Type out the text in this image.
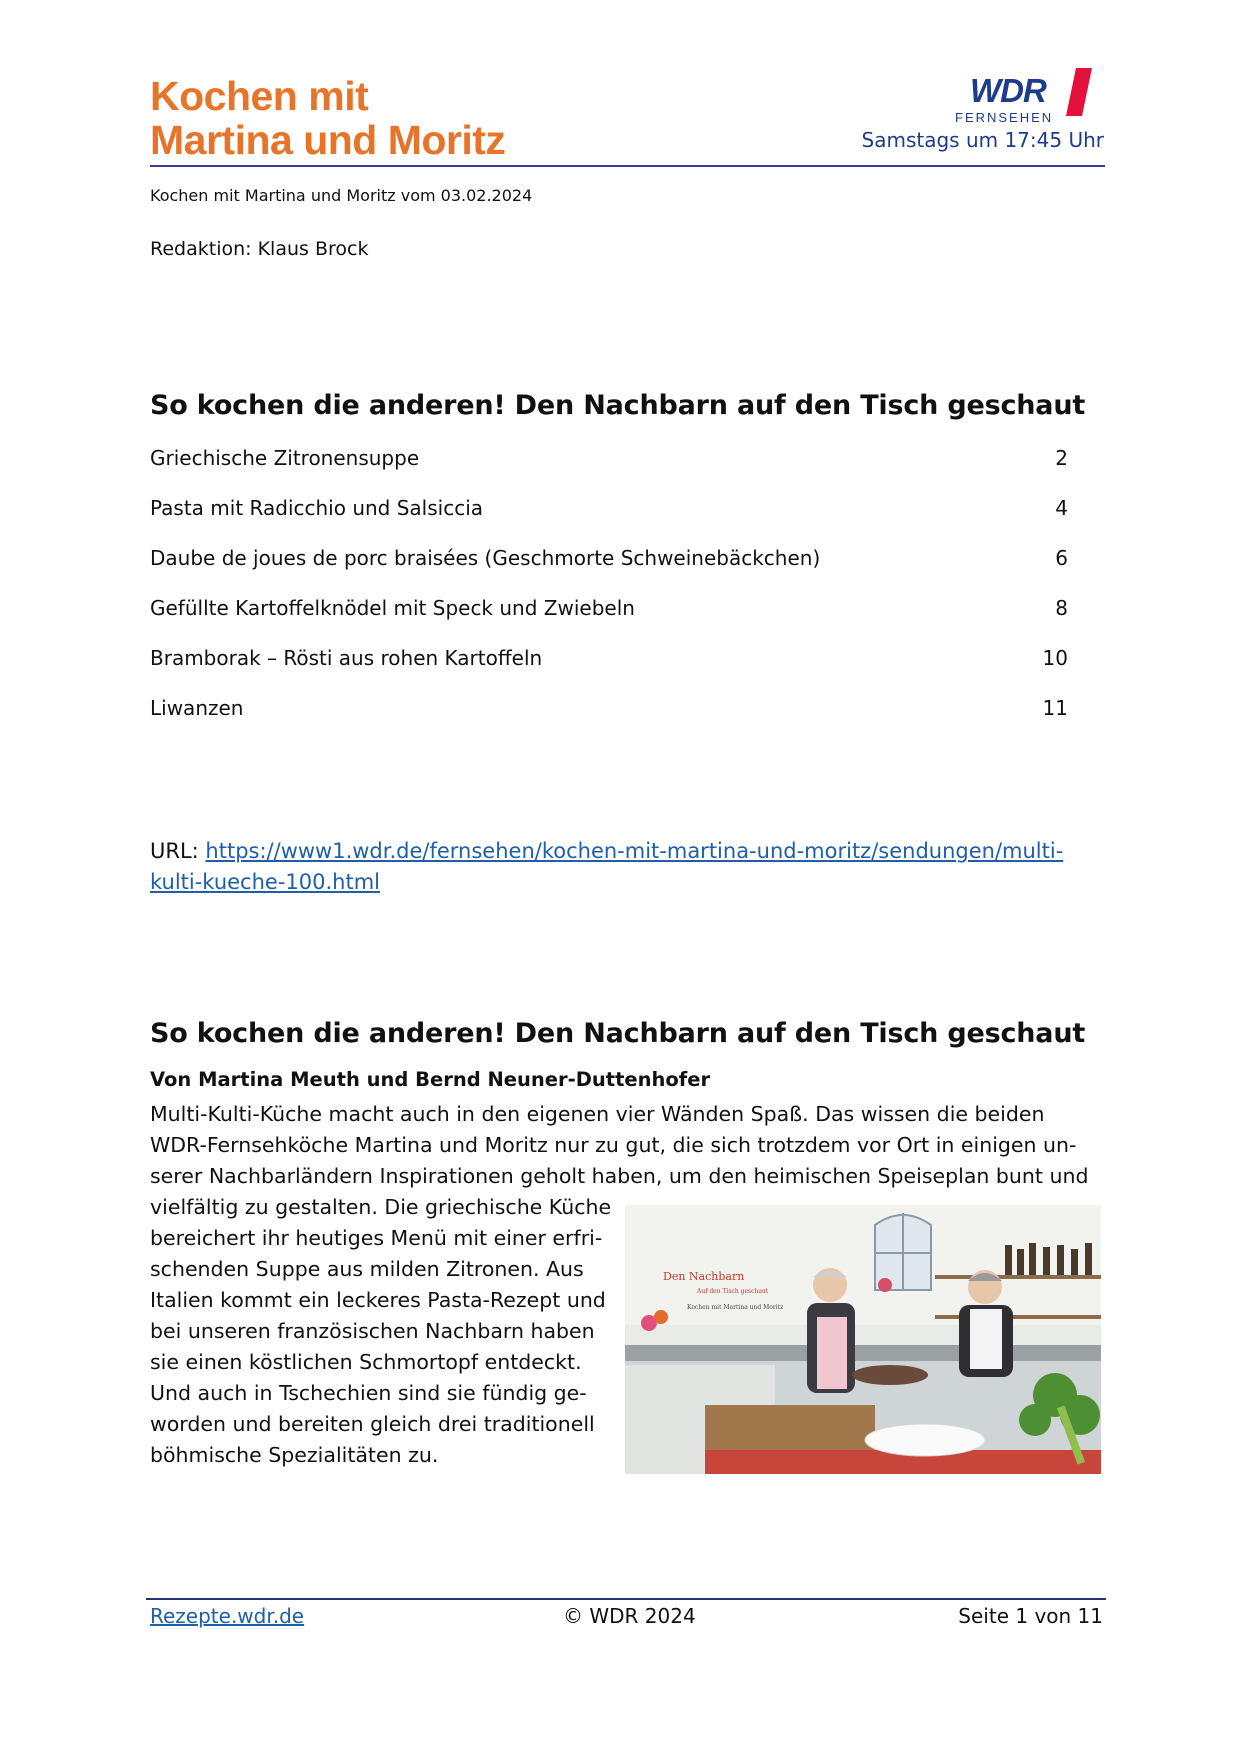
Kochen mit
Martina und Moritz
WDR
FERNSEHEN
Samstags um 17:45 Uhr
Kochen mit Martina und Moritz vom 03.02.2024
Redaktion: Klaus Brock
So kochen die anderen! Den Nachbarn auf den Tisch geschaut
Griechische Zitronensuppe	2
Pasta mit Radicchio und Salsiccia	4
Daube de joues de porc braisées (Geschmorte Schweinebäckchen)	6
Gefüllte Kartoffelknödel mit Speck und Zwiebeln	8
Bramborak – Rösti aus rohen Kartoffeln	10
Liwanzen	11
URL: https://www1.wdr.de/fernsehen/kochen-mit-martina-und-moritz/sendungen/multi-
kulti-kueche-100.html
So kochen die anderen! Den Nachbarn auf den Tisch geschaut
Von Martina Meuth und Bernd Neuner-Duttenhofer
Multi-Kulti-Küche macht auch in den eigenen vier Wänden Spaß. Das wissen die beiden
WDR-Fernsehköche Martina und Moritz nur zu gut, die sich trotzdem vor Ort in einigen un-
serer Nachbarländern Inspirationen geholt haben, um den heimischen Speiseplan bunt und
vielfältig zu gestalten. Die griechische Küche
bereichert ihr heutiges Menü mit einer erfri-
schenden Suppe aus milden Zitronen. Aus
Italien kommt ein leckeres Pasta-Rezept und
bei unseren französischen Nachbarn haben
sie einen köstlichen Schmortopf entdeckt.
Und auch in Tschechien sind sie fündig ge-
worden und bereiten gleich drei traditionell
böhmische Spezialitäten zu.
Den Nachbarn
Auf den Tisch geschaut
Kochen mit Martina und Moritz
Rezepte.wdr.de	© WDR 2024	Seite 1 von 11
